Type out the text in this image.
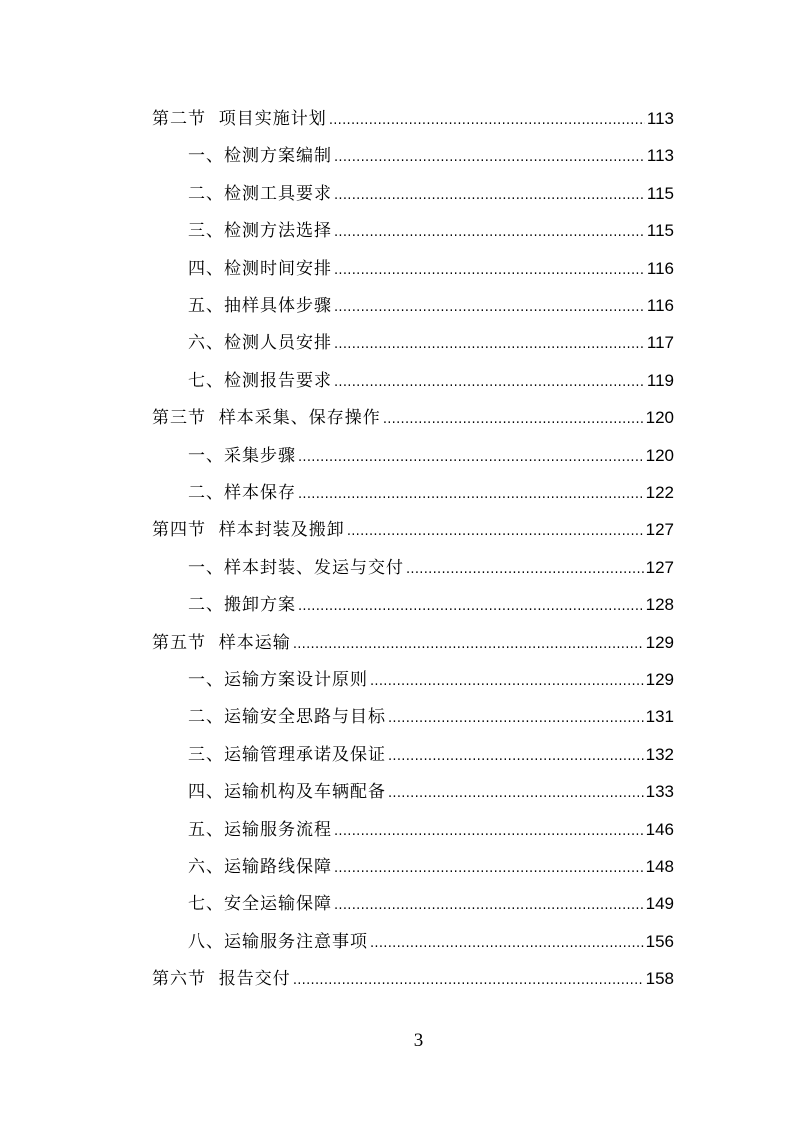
第二节  项目实施计划 .....	113
一、检测方案编制 .....	113
二、检测工具要求 .....	115
三、检测方法选择 .....	115
四、检测时间安排 .....	116
五、抽样具体步骤 .....	116
六、检测人员安排 .....	117
七、检测报告要求 .....	119
第三节  样本采集、保存操作 .....	120
一、采集步骤 .....	120
二、样本保存 .....	122
第四节  样本封装及搬卸 .....	127
一、样本封装、发运与交付 .....	127
二、搬卸方案 .....	128
第五节  样本运输 .....	129
一、运输方案设计原则 .....	129
二、运输安全思路与目标 .....	131
三、运输管理承诺及保证 .....	132
四、运输机构及车辆配备 .....	133
五、运输服务流程 .....	146
六、运输路线保障 .....	148
七、安全运输保障 .....	149
八、运输服务注意事项 .....	156
第六节  报告交付 .....	158
3
